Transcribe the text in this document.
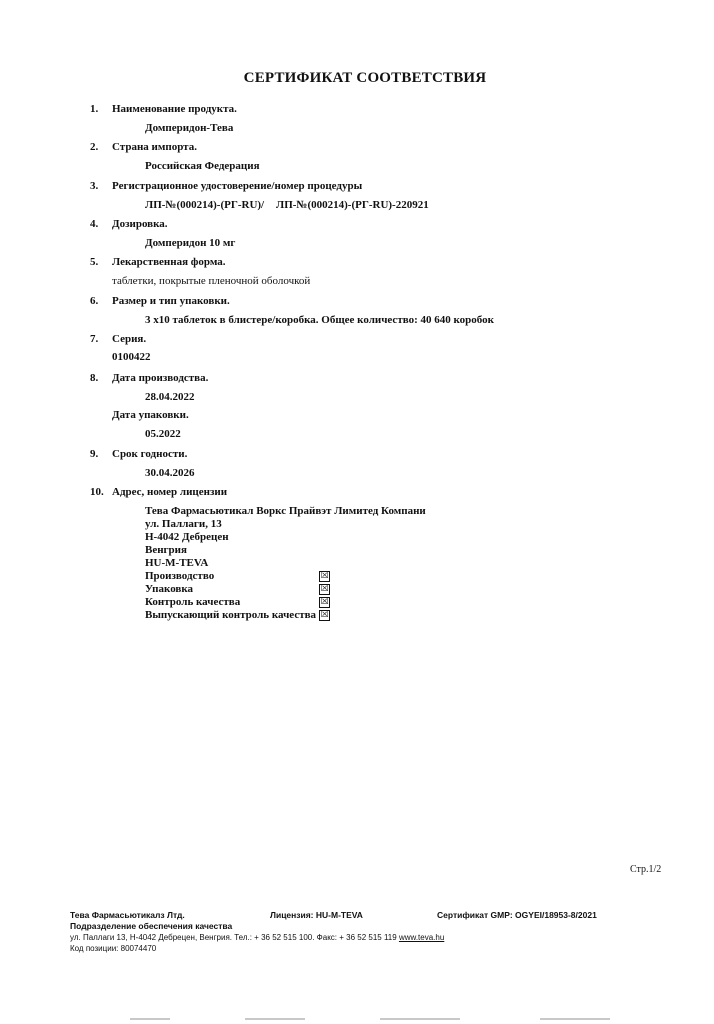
СЕРТИФИКАТ СООТВЕТСТВИЯ
1. Наименование продукта.
Домперидон-Тева
2. Страна импорта.
Российская Федерация
3. Регистрационное удостоверение/номер процедуры
ЛП-№(000214)-(РГ-RU)/ ЛП-№(000214)-(РГ-RU)-220921
4. Дозировка.
Домперидон 10 мг
5. Лекарственная форма.
таблетки, покрытые пленочной оболочкой
6. Размер и тип упаковки.
3 x10 таблеток в блистере/коробка. Общее количество: 40 640 коробок
7. Серия.
0100422
8. Дата производства.
28.04.2022
Дата упаковки.
05.2022
9. Срок годности.
30.04.2026
10. Адрес, номер лицензии
Тева Фармасьютикал Воркс Прайвэт Лимитед Компани
ул. Паллаги, 13
H-4042 Дебрецен
Венгрия
HU-M-TEVA
Производство	☒
Упаковка	☒
Контроль качества	☒
Выпускающий контроль качества ☒
Стр.1/2
Тева Фармасьютикалз Лтд.	Лицензия: HU-M-TEVA	Сертификат GMP: OGYEI/18953-8/2021
Подразделение обеспечения качества
ул. Паллаги 13, H-4042 Дебрецен, Венгрия. Тел.: + 36 52 515 100. Факс: + 36 52 515 119 www.teva.hu
Код позиции: 80074470
